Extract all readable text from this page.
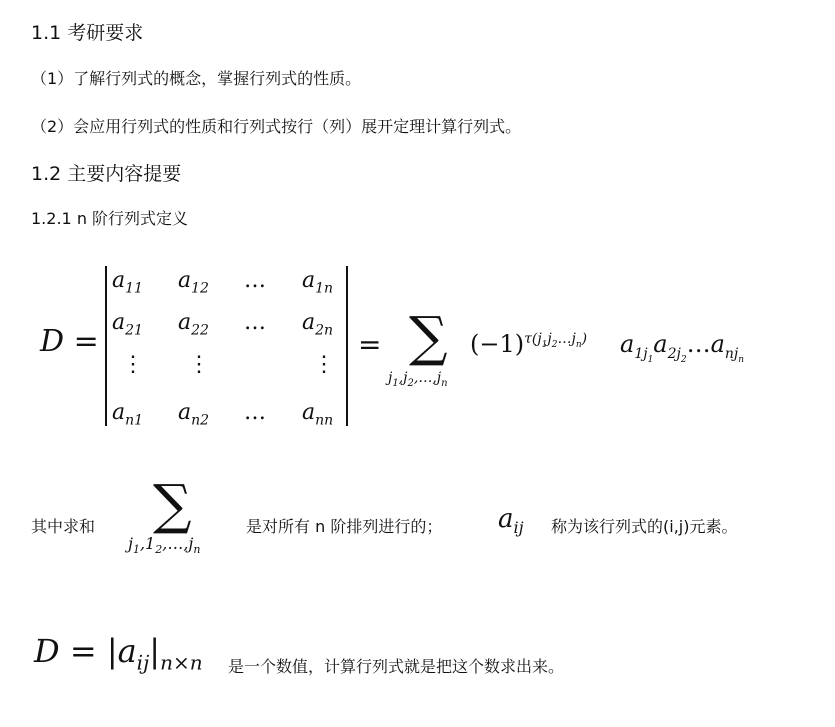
1.1 考研要求
（1）了解行列式的概念，掌握行列式的性质。
（2）会应用行列式的性质和行列式按行（列）展开定理计算行列式。
1.2 主要内容提要
1.2.1 n 阶行列式定义
D =
$a_{11}$ $a_{12}$ … $a_{1n}$
$a_{21}$ $a_{22}$ … $a_{2n}$
⋮ ⋮	⋮
$a_{n1}$ $a_{n2}$ … $a_{nn}$
= ∑
$j_1,j_2,\dots,j_n$
$(-1)^{\tau(j_1j_2\dots j_n)}$ $a_{1j_1}a_{2j_2}\dots a_{nj_n}$
其中求和 ∑
$j_1,1_2,\dots,j_n$
是对所有 n 阶排列进行的； $a_{ij}$ 称为该行列式的(i,j)元素。
$D = |a_{ij}|_{n\times n}$ 是一个数值，计算行列式就是把这个数求出来。
